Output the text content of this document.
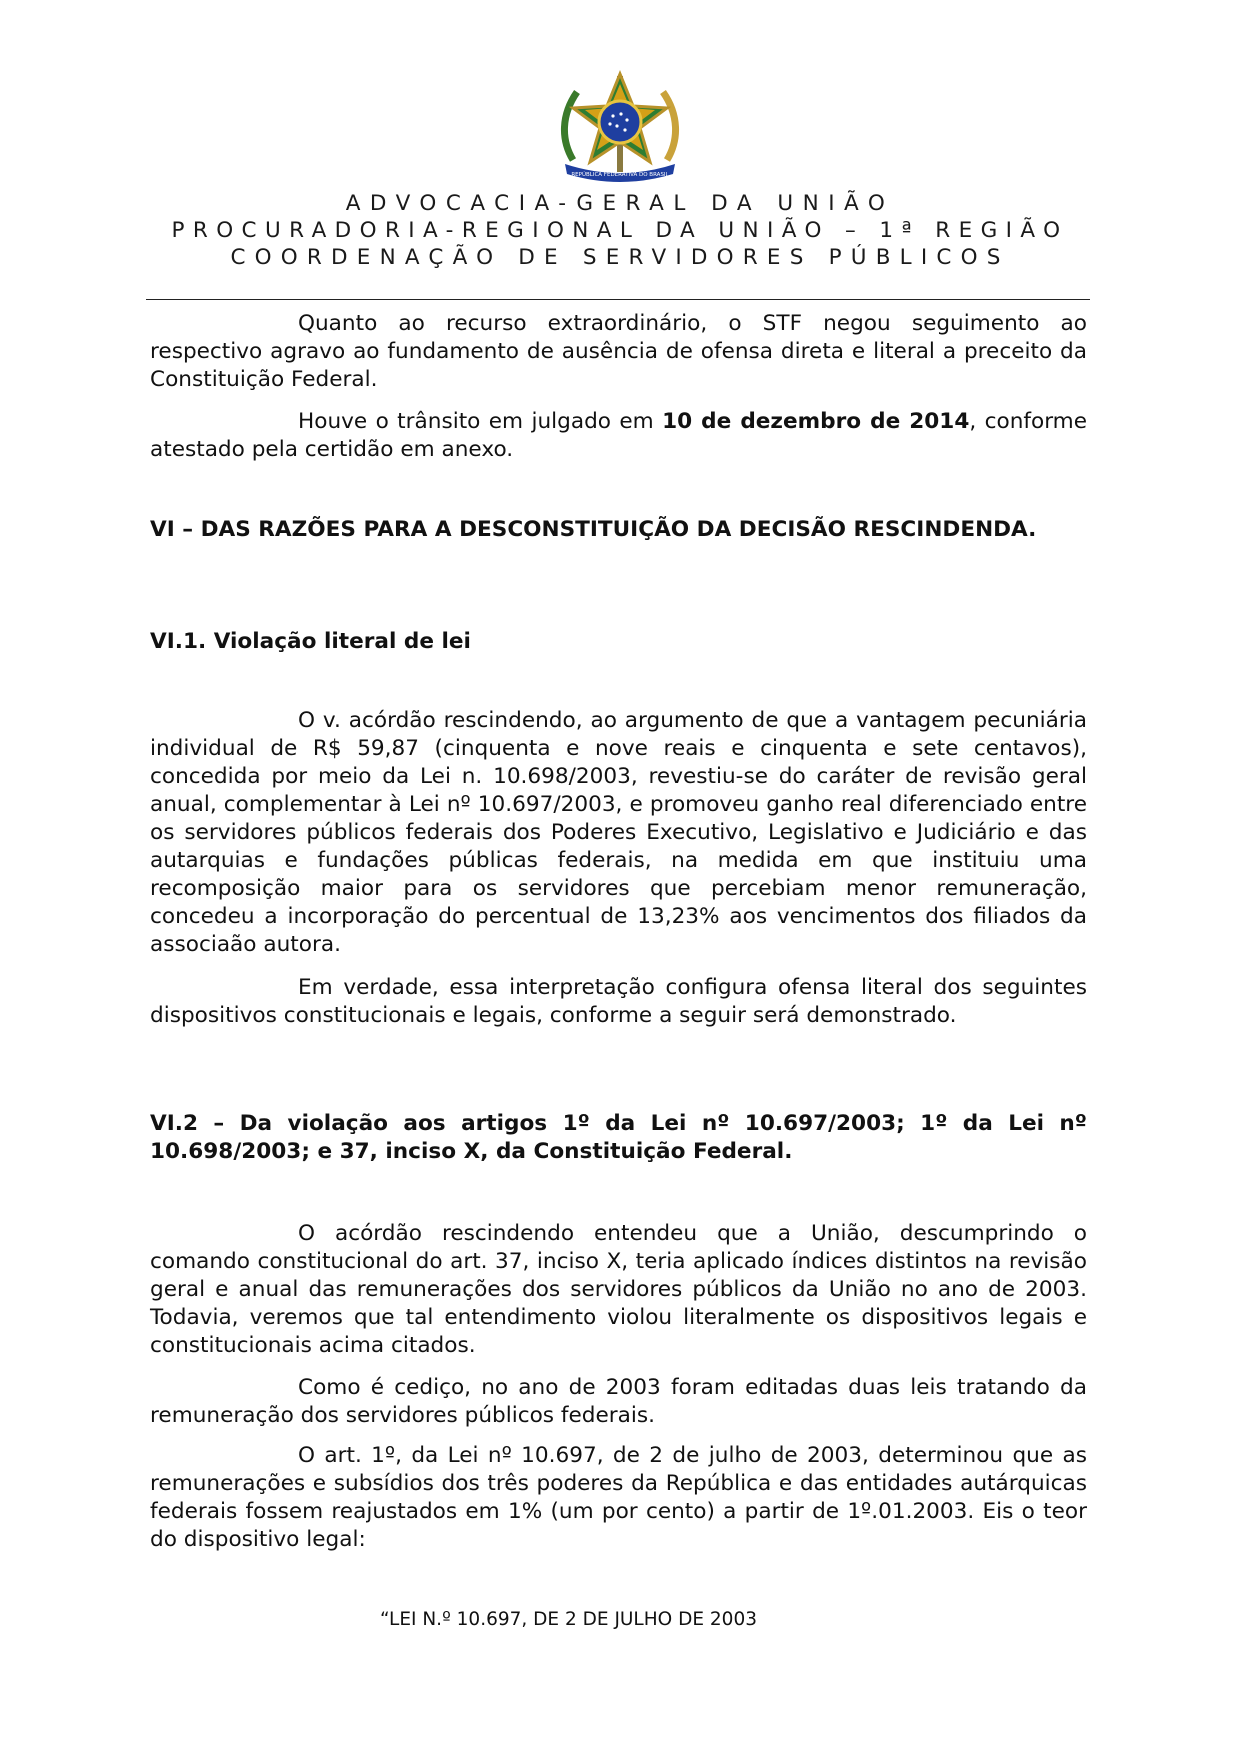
REPÚBLICA FEDERATIVA DO BRASIL
ADVOCACIA-GERAL DA UNIÃO
PROCURADORIA-REGIONAL DA UNIÃO – 1ª REGIÃO
COORDENAÇÃO DE SERVIDORES PÚBLICOS

Quanto ao recurso extraordinário, o STF negou seguimento ao respectivo agravo ao fundamento de ausência de ofensa direta e literal a preceito da Constituição Federal.

Houve o trânsito em julgado em 10 de dezembro de 2014, conforme atestado pela certidão em anexo.

VI – DAS RAZÕES PARA A DESCONSTITUIÇÃO DA DECISÃO RESCINDENDA.

VI.1. Violação literal de lei

O v. acórdão rescindendo, ao argumento de que a vantagem pecuniária individual de R$ 59,87 (cinquenta e nove reais e cinquenta e sete centavos), concedida por meio da Lei n. 10.698/2003, revestiu-se do caráter de revisão geral anual, complementar à Lei nº 10.697/2003, e promoveu ganho real diferenciado entre os servidores públicos federais dos Poderes Executivo, Legislativo e Judiciário e das autarquias e fundações públicas federais, na medida em que instituiu uma recomposição maior para os servidores que percebiam menor remuneração, concedeu a incorporação do percentual de 13,23% aos vencimentos dos filiados da associaão autora.

Em verdade, essa interpretação configura ofensa literal dos seguintes dispositivos constitucionais e legais, conforme a seguir será demonstrado.

VI.2 – Da violação aos artigos 1º da Lei nº 10.697/2003; 1º da Lei nº 10.698/2003; e 37, inciso X, da Constituição Federal.

O acórdão rescindendo entendeu que a União, descumprindo o comando constitucional do art. 37, inciso X, teria aplicado índices distintos na revisão geral e anual das remunerações dos servidores públicos da União no ano de 2003. Todavia, veremos que tal entendimento violou literalmente os dispositivos legais e constitucionais acima citados.

Como é cediço, no ano de 2003 foram editadas duas leis tratando da remuneração dos servidores públicos federais.

O art. 1º, da Lei nº 10.697, de 2 de julho de 2003, determinou que as remunerações e subsídios dos três poderes da República e das entidades autárquicas federais fossem reajustados em 1% (um por cento) a partir de 1º.01.2003. Eis o teor do dispositivo legal:

“LEI N.º 10.697, DE 2 DE JULHO DE 2003
